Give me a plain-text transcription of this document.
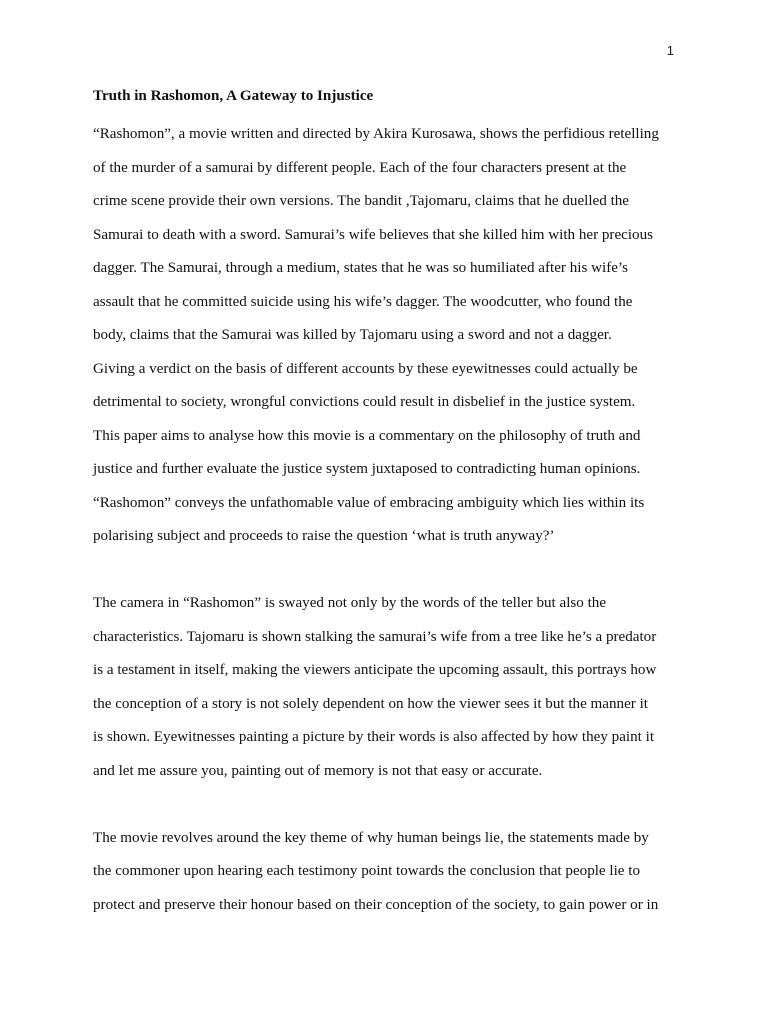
1
Truth in Rashomon, A Gateway to Injustice
“Rashomon”, a movie written and directed by Akira Kurosawa, shows the perfidious retelling
of the murder of a samurai by different people. Each of the four characters present at the
crime scene provide their own versions. The bandit ,Tajomaru, claims that he duelled the
Samurai to death with a sword. Samurai’s wife believes that she killed him with her precious
dagger. The Samurai, through a medium, states that he was so humiliated after his wife’s
assault that he committed suicide using his wife’s dagger. The woodcutter, who found the
body, claims that the Samurai was killed by Tajomaru using a sword and not a dagger.
Giving a verdict on the basis of different accounts by these eyewitnesses could actually be
detrimental to society, wrongful convictions could result in disbelief in the justice system.
This paper aims to analyse how this movie is a commentary on the philosophy of truth and
justice and further evaluate the justice system juxtaposed to contradicting human opinions.
“Rashomon” conveys the unfathomable value of embracing ambiguity which lies within its
polarising subject and proceeds to raise the question ‘what is truth anyway?’
The camera in “Rashomon” is swayed not only by the words of the teller but also the
characteristics. Tajomaru is shown stalking the samurai’s wife from a tree like he’s a predator
is a testament in itself, making the viewers anticipate the upcoming assault, this portrays how
the conception of a story is not solely dependent on how the viewer sees it but the manner it
is shown. Eyewitnesses painting a picture by their words is also affected by how they paint it
and let me assure you, painting out of memory is not that easy or accurate.
The movie revolves around the key theme of why human beings lie, the statements made by
the commoner upon hearing each testimony point towards the conclusion that people lie to
protect and preserve their honour based on their conception of the society, to gain power or in
